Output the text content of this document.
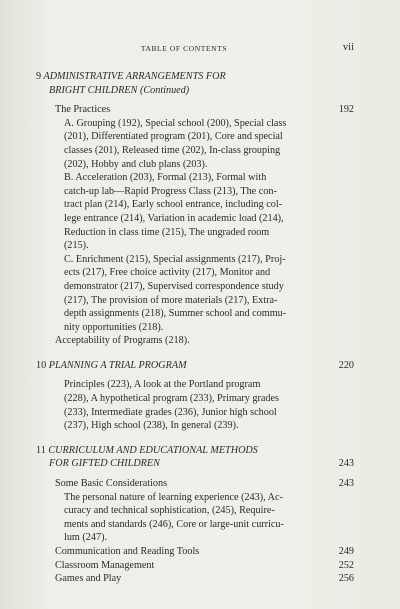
TABLE OF CONTENTS	vii
9 ADMINISTRATIVE ARRANGEMENTS FOR
BRIGHT CHILDREN (Continued)
The Practices	192
A. Grouping (192), Special school (200), Special class
(201), Differentiated program (201), Core and special
classes (201), Released time (202), In-class grouping
(202), Hobby and club plans (203).
B. Acceleration (203), Formal (213), Formal with
catch-up lab—Rapid Progress Class (213), The con-
tract plan (214), Early school entrance, including col-
lege entrance (214), Variation in academic load (214),
Reduction in class time (215), The ungraded room
(215).
C. Enrichment (215), Special assignments (217), Proj-
ects (217), Free choice activity (217), Monitor and
demonstrator (217), Supervised correspondence study
(217), The provision of more materials (217), Extra-
depth assignments (218), Summer school and commu-
nity opportunities (218).
Acceptability of Programs (218).
10 PLANNING A TRIAL PROGRAM	220
Principles (223), A look at the Portland program
(228), A hypothetical program (233), Primary grades
(233), Intermediate grades (236), Junior high school
(237), High school (238), In general (239).
11 CURRICULUM AND EDUCATIONAL METHODS
FOR GIFTED CHILDREN	243
Some Basic Considerations	243
The personal nature of learning experience (243), Ac-
curacy and technical sophistication, (245), Require-
ments and standards (246), Core or large-unit curricu-
lum (247).
Communication and Reading Tools	249
Classroom Management	252
Games and Play	256
